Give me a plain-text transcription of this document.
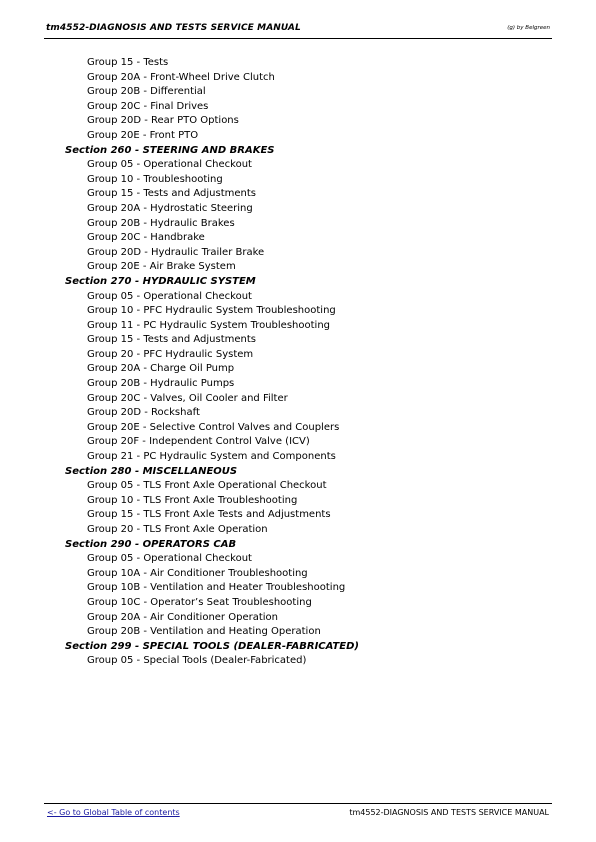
tm4552-DIAGNOSIS AND TESTS SERVICE MANUAL	(g) by Belgreen
Group 15 - Tests
Group 20A - Front-Wheel Drive Clutch
Group 20B - Differential
Group 20C - Final Drives
Group 20D - Rear PTO Options
Group 20E - Front PTO
Section 260 - STEERING AND BRAKES
Group 05 - Operational Checkout
Group 10 - Troubleshooting
Group 15 - Tests and Adjustments
Group 20A - Hydrostatic Steering
Group 20B - Hydraulic Brakes
Group 20C - Handbrake
Group 20D - Hydraulic Trailer Brake
Group 20E - Air Brake System
Section 270 - HYDRAULIC SYSTEM
Group 05 - Operational Checkout
Group 10 - PFC Hydraulic System Troubleshooting
Group 11 - PC Hydraulic System Troubleshooting
Group 15 - Tests and Adjustments
Group 20 - PFC Hydraulic System
Group 20A - Charge Oil Pump
Group 20B - Hydraulic Pumps
Group 20C - Valves, Oil Cooler and Filter
Group 20D - Rockshaft
Group 20E - Selective Control Valves and Couplers
Group 20F - Independent Control Valve (ICV)
Group 21 - PC Hydraulic System and Components
Section 280 - MISCELLANEOUS
Group 05 - TLS Front Axle Operational Checkout
Group 10 - TLS Front Axle Troubleshooting
Group 15 - TLS Front Axle Tests and Adjustments
Group 20 - TLS Front Axle Operation
Section 290 - OPERATORS CAB
Group 05 - Operational Checkout
Group 10A - Air Conditioner Troubleshooting
Group 10B - Ventilation and Heater Troubleshooting
Group 10C - Operator’s Seat Troubleshooting
Group 20A - Air Conditioner Operation
Group 20B - Ventilation and Heating Operation
Section 299 - SPECIAL TOOLS (DEALER-FABRICATED)
Group 05 - Special Tools (Dealer-Fabricated)
<- Go to Global Table of contents	tm4552-DIAGNOSIS AND TESTS SERVICE MANUAL
